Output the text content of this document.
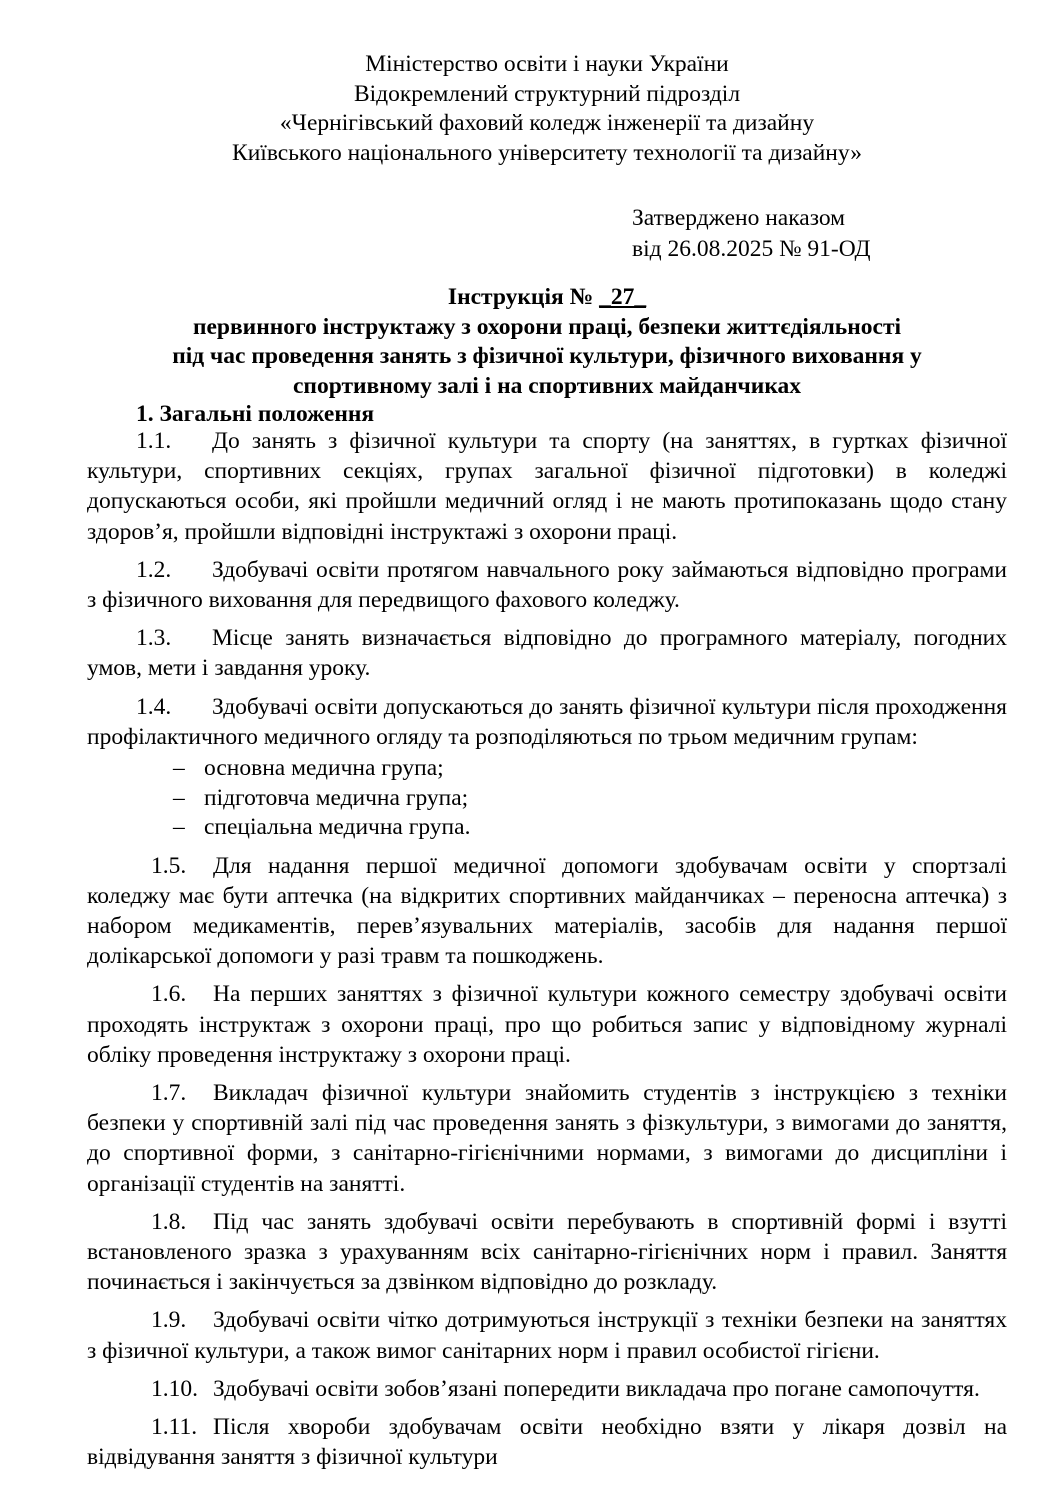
Міністерство освіти і науки України
Відокремлений структурний підрозділ
«Чернігівський фаховий коледж інженерії та дизайну
Київського національного університету технології та дизайну»
Затверджено наказом
від 26.08.2025 № 91-ОД
Інструкція № _27_
первинного інструктажу з охорони праці, безпеки життєдіяльності
під час проведення занять з фізичної культури, фізичного виховання у
спортивному залі і на спортивних майданчиках
1. Загальні положення

1.1. До занять з фізичної культури та спорту (на заняттях, в гуртках фізичної культури, спортивних секціях, групах загальної фізичної підготовки) в коледжі допускаються особи, які пройшли медичний огляд і не мають протипоказань щодо стану здоров’я, пройшли відповідні інструктажі з охорони праці.

1.2. Здобувачі освіти протягом навчального року займаються відповідно програми з фізичного виховання для передвищого фахового коледжу.

1.3. Місце занять визначається відповідно до програмного матеріалу, погодних умов, мети і завдання уроку.

1.4. Здобувачі освіти допускаються до занять фізичної культури після проходження профілактичного медичного огляду та розподіляються по трьом медичним групам:

– основна медична група;
– підготовча медична група;
– спеціальна медична група.

1.5. Для надання першої медичної допомоги здобувачам освіти у спортзалі коледжу має бути аптечка (на відкритих спортивних майданчиках – переносна аптечка) з набором медикаментів, перев’язувальних матеріалів, засобів для надання першої долікарської допомоги у разі травм та пошкоджень.

1.6. На перших заняттях з фізичної культури кожного семестру здобувачі освіти проходять інструктаж з охорони праці, про що робиться запис у відповідному журналі обліку проведення інструктажу з охорони праці.

1.7. Викладач фізичної культури знайомить студентів з інструкцією з техніки безпеки у спортивній залі під час проведення занять з фізкультури, з вимогами до заняття, до спортивної форми, з санітарно-гігієнічними нормами, з вимогами до дисципліни і організації студентів на занятті.

1.8. Під час занять здобувачі освіти перебувають в спортивній формі і взутті встановленого зразка з урахуванням всіх санітарно-гігієнічних норм і правил. Заняття починається і закінчується за дзвінком відповідно до розкладу.

1.9. Здобувачі освіти чітко дотримуються інструкції з техніки безпеки на заняттях з фізичної культури, а також вимог санітарних норм і правил особистої гігієни.

1.10. Здобувачі освіти зобов’язані попередити викладача про погане самопочуття.

1.11. Після хвороби здобувачам освіти необхідно взяти у лікаря дозвіл на відвідування заняття з фізичної культури
